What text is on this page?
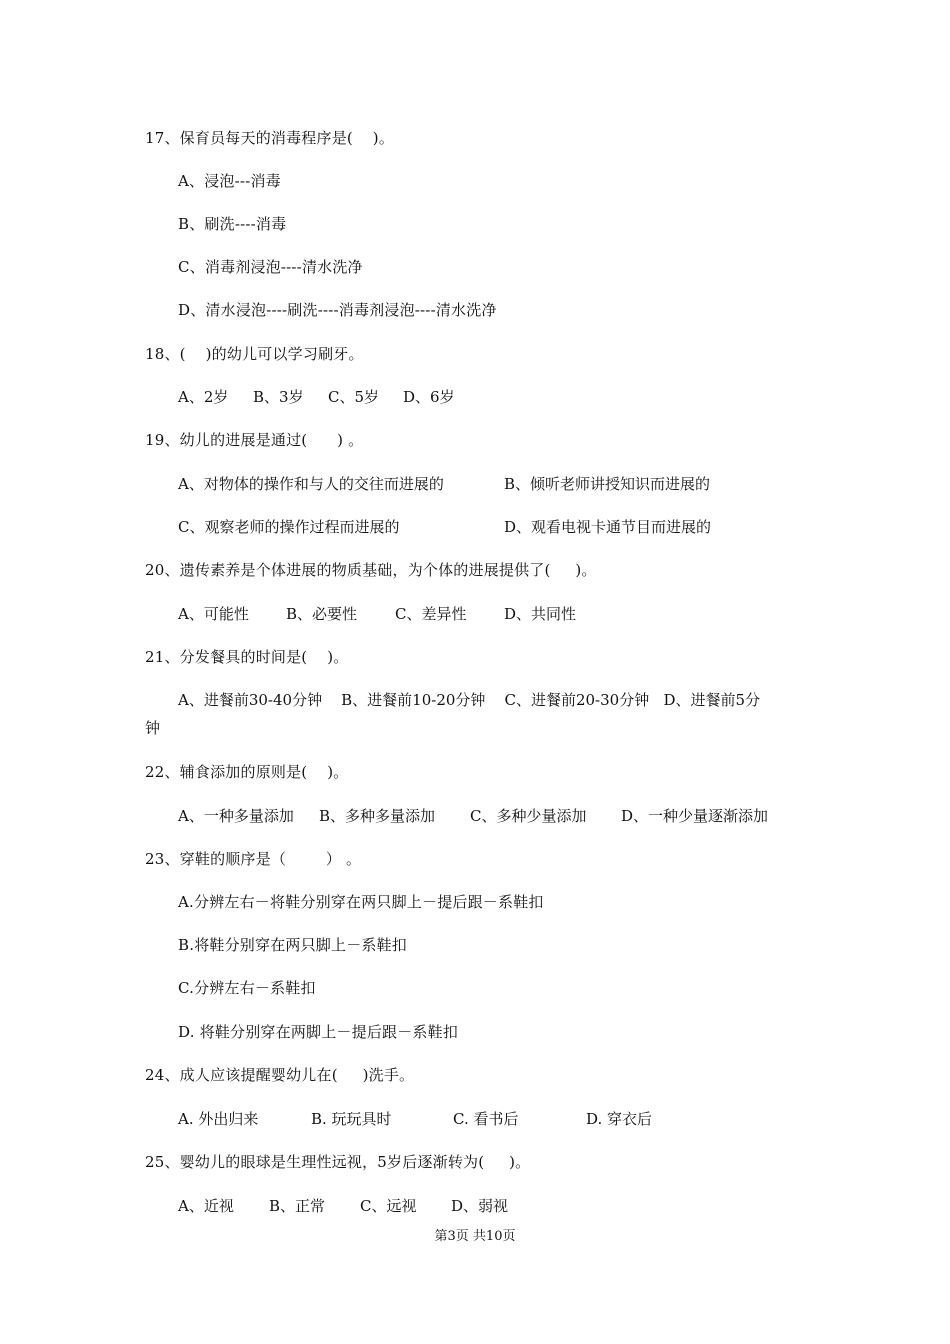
17、保育员每天的消毒程序是(    )。
A、浸泡---消毒
B、刷洗----消毒
C、消毒剂浸泡----清水洗净
D、清水浸泡----刷洗----消毒剂浸泡----清水洗净
18、(    )的幼儿可以学习刷牙。

A、2岁

B、3岁

C、5岁

D、6岁

19、幼儿的进展是通过(      ) 。

A、对物体的操作和与人的交往而进展的

	B、倾听老师讲授知识而进展的

C、观察老师的操作过程而进展的

	D、观看电视卡通节目而进展的

20、遗传素养是个体进展的物质基础，为个体的进展提供了(     )。

A、可能性

B、必要性

	C、差异性

	D、共同性

21、分发餐具的时间是(    )。
A、进餐前30-40分钟    B、进餐前10-20分钟    C、进餐前20-30分钟   D、进餐前5分
钟
22、辅食添加的原则是(    )。

A、一种多量添加

B、多种多量添加

C、多种少量添加

D、一种少量逐渐添加

23、穿鞋的顺序是（        ） 。
A.分辨左右－将鞋分别穿在两只脚上－提后跟－系鞋扣
B.将鞋分别穿在两只脚上－系鞋扣
C.分辨左右－系鞋扣
D. 将鞋分别穿在两脚上－提后跟－系鞋扣
24、成人应该提醒婴幼儿在(     )洗手。

A. 外出归来

	B. 玩玩具时

	C. 看书后

	D. 穿衣后

25、婴幼儿的眼球是生理性远视，5岁后逐渐转为(     )。

A、近视

B、正常

C、远视

D、弱视

第3页 共10页
